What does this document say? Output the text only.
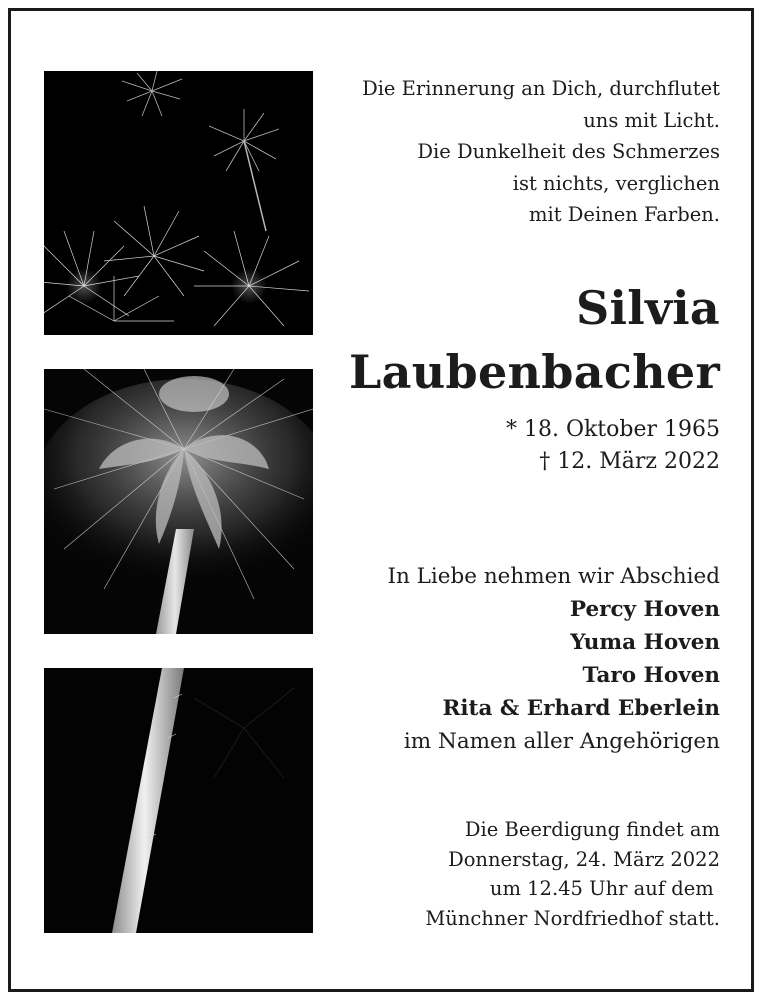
Die Erinnerung an Dich, durchflutet
uns mit Licht.
Die Dunkelheit des Schmerzes
ist nichts, verglichen
mit Deinen Farben.
Silvia
Laubenbacher
* 18. Oktober 1965
† 12. März 2022
In Liebe nehmen wir Abschied
Percy Hoven
Yuma Hoven
Taro Hoven
Rita & Erhard Eberlein
im Namen aller Angehörigen
Die Beerdigung findet am
Donnerstag, 24. März 2022
um 12.45 Uhr auf dem
Münchner Nordfriedhof statt.
